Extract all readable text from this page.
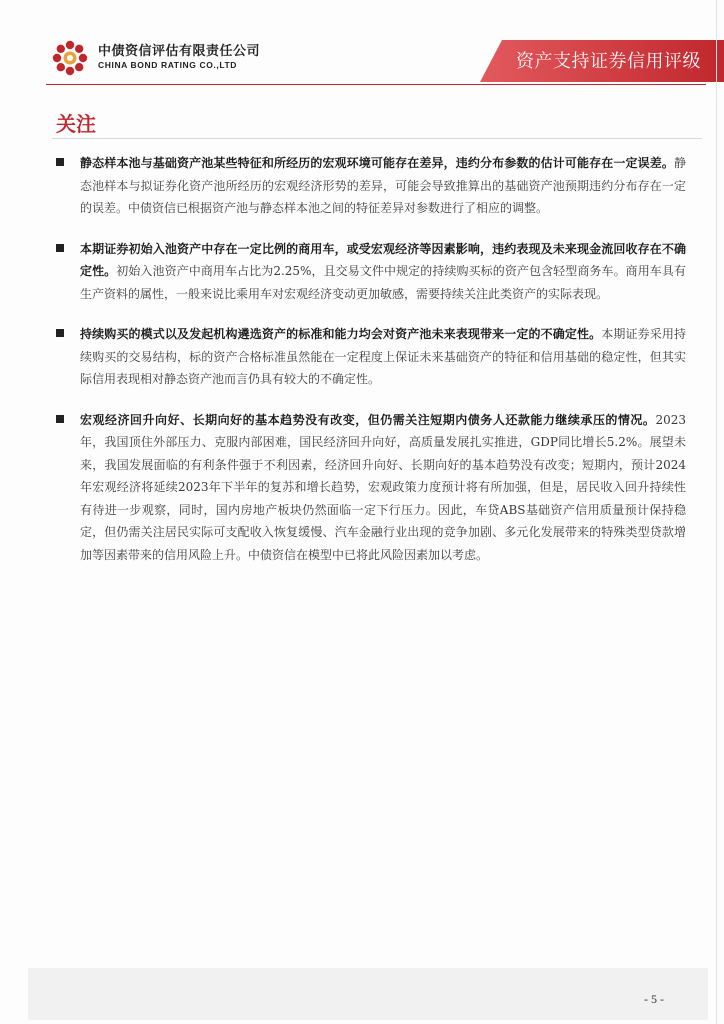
中债资信评估有限责任公司
CHINA BOND RATING CO.,LTD	资产支持证券信用评级
关注
静态样本池与基础资产池某些特征和所经历的宏观环境可能存在差异，违约分布参数的估计可能存在一定误差。静态池样本与拟证券化资产池所经历的宏观经济形势的差异，可能会导致推算出的基础资产池预期违约分布存在一定的误差。中债资信已根据资产池与静态样本池之间的特征差异对参数进行了相应的调整。
本期证券初始入池资产中存在一定比例的商用车，或受宏观经济等因素影响，违约表现及未来现金流回收存在不确定性。初始入池资产中商用车占比为2.25%，且交易文件中规定的持续购买标的资产包含轻型商务车。商用车具有生产资料的属性，一般来说比乘用车对宏观经济变动更加敏感，需要持续关注此类资产的实际表现。
持续购买的模式以及发起机构遴选资产的标准和能力均会对资产池未来表现带来一定的不确定性。本期证券采用持续购买的交易结构，标的资产合格标准虽然能在一定程度上保证未来基础资产的特征和信用基础的稳定性，但其实际信用表现相对静态资产池而言仍具有较大的不确定性。
宏观经济回升向好、长期向好的基本趋势没有改变，但仍需关注短期内债务人还款能力继续承压的情况。2023年，我国顶住外部压力、克服内部困难，国民经济回升向好，高质量发展扎实推进，GDP同比增长5.2%。展望未来，我国发展面临的有利条件强于不利因素，经济回升向好、长期向好的基本趋势没有改变；短期内，预计2024年宏观经济将延续2023年下半年的复苏和增长趋势，宏观政策力度预计将有所加强，但是，居民收入回升持续性有待进一步观察，同时，国内房地产板块仍然面临一定下行压力。因此，车贷ABS基础资产信用质量预计保持稳定，但仍需关注居民实际可支配收入恢复缓慢、汽车金融行业出现的竞争加剧、多元化发展带来的特殊类型贷款增加等因素带来的信用风险上升。中债资信在模型中已将此风险因素加以考虑。
- 5 -
